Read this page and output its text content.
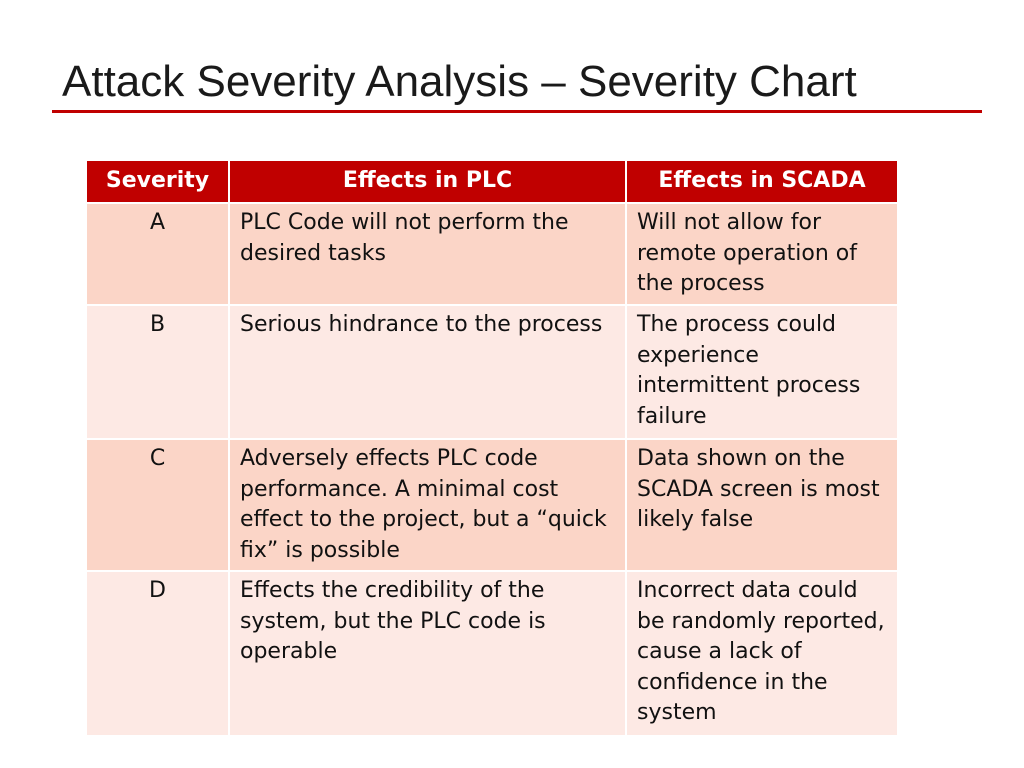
Attack Severity Analysis – Severity Chart
Severity	Effects in PLC	Effects in SCADA
A	PLC Code will not perform the desired tasks	Will not allow for remote operation of the process
B	Serious hindrance to the process	The process could experience intermittent process failure
C	Adversely effects PLC code performance. A minimal cost effect to the project, but a “quick fix” is possible	Data shown on the SCADA screen is most likely false
D	Effects the credibility of the system, but the PLC code is operable	Incorrect data could be randomly reported, cause a lack of confidence in the system
